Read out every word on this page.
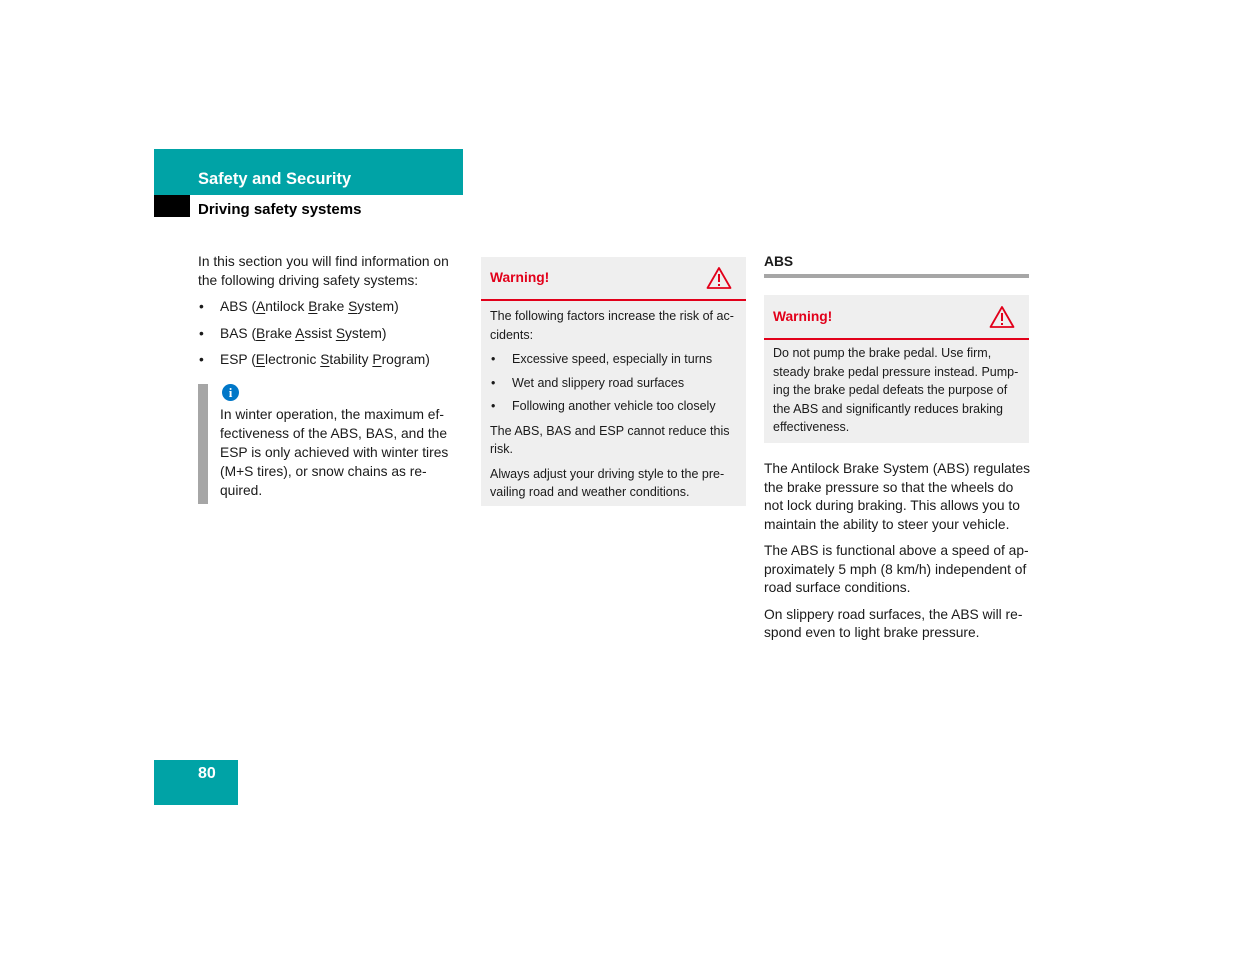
Safety and Security
Driving safety systems

In this section you will find information on the following driving safety systems:

• ABS (Antilock Brake System)
• BAS (Brake Assist System)
• ESP (Electronic Stability Program)
i
In winter operation, the maximum ef-fectiveness of the ABS, BAS, and the ESP is only achieved with winter tires (M+S tires), or snow chains as re-quired.
Warning!

The following factors increase the risk of ac-cidents:

• Excessive speed, especially in turns
• Wet and slippery road surfaces
• Following another vehicle too closely

The ABS, BAS and ESP cannot reduce this risk.

Always adjust your driving style to the pre-vailing road and weather conditions.

ABS
Warning!

Do not pump the brake pedal. Use firm, steady brake pedal pressure instead. Pump-ing the brake pedal defeats the purpose of the ABS and significantly reduces braking effectiveness.

The Antilock Brake System (ABS) regulates the brake pressure so that the wheels do not lock during braking. This allows you to maintain the ability to steer your vehicle.

The ABS is functional above a speed of ap-proximately 5 mph (8 km/h) independent of road surface conditions.

On slippery road surfaces, the ABS will re-spond even to light brake pressure.

80
